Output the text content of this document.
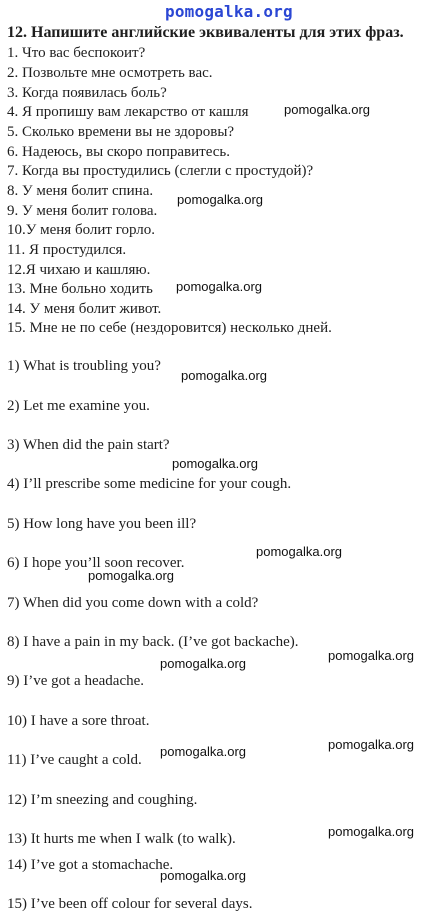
pomogalka.org
12. Напишите английские эквиваленты для этих фраз.
1. Что вас беспокоит?
2. Позвольте мне осмотреть вас.
3. Когда появилась боль?
4. Я пропишу вам лекарство от кашля
5. Сколько времени вы не здоровы?
6. Надеюсь, вы скоро поправитесь.
7. Когда вы простудились (слегли с простудой)?
8. У меня болит спина.
9. У меня болит голова.
10.У меня болит горло.
11. Я простудился.
12.Я чихаю и кашляю.
13. Мне больно ходить
14. У меня болит живот.
15. Мне не по себе (нездоровится) несколько дней.
1) What is troubling you?
2) Let me examine you.
3) When did the pain start?
4) I’ll prescribe some medicine for your cough.
5) How long have you been ill?
6) I hope you’ll soon recover.
7) When did you come down with a cold?
8) I have a pain in my back. (I’ve got backache).
9) I’ve got a headache.
10) I have a sore throat.
11) I’ve caught a cold.
12) I’m sneezing and coughing.
13) It hurts me when I walk (to walk).
14) I’ve got a stomachache.
15) I’ve been off colour for several days.
pomogalka.org
pomogalka.org
pomogalka.org
pomogalka.org
pomogalka.org
pomogalka.org
pomogalka.org
pomogalka.org
pomogalka.org
pomogalka.org
pomogalka.org
pomogalka.org
pomogalka.org
